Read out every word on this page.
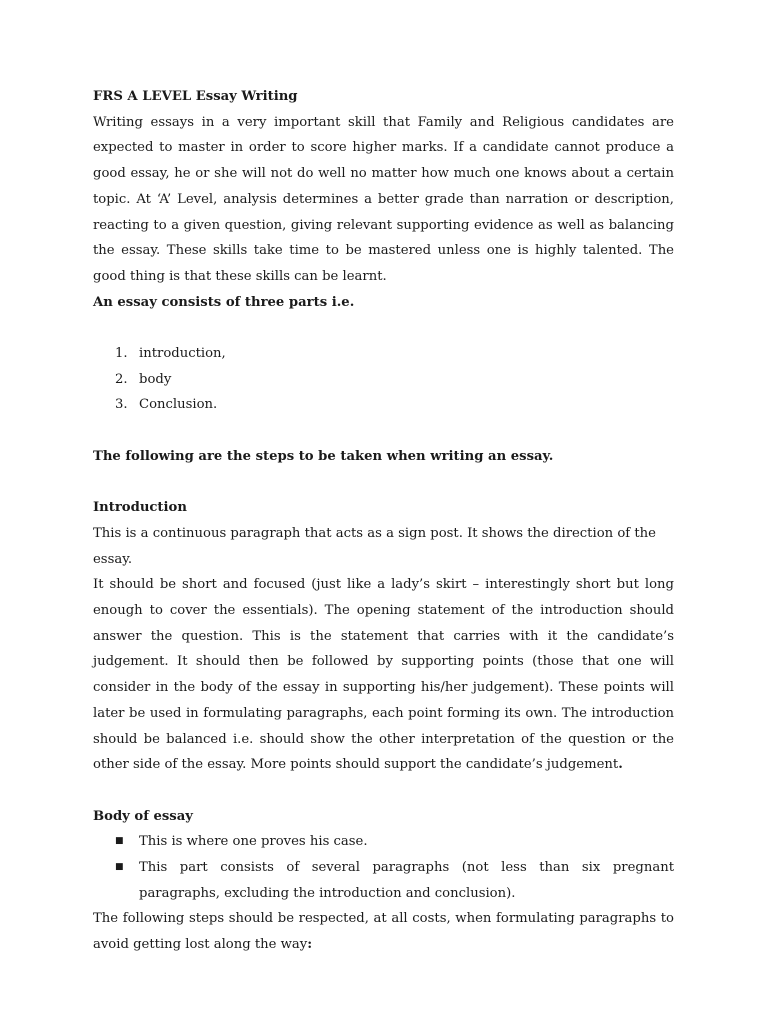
FRS A LEVEL Essay Writing

Writing essays in a very important skill that Family and Religious candidates are expected to master in order to score higher marks. If a candidate cannot produce a good essay, he or she will not do well no matter how much one knows about a certain topic. At ‘A’ Level, analysis determines a better grade than narration or description, reacting to a given question, giving relevant supporting evidence as well as balancing the essay. These skills take time to be mastered unless one is highly talented. The good thing is that these skills can be learnt.

An essay consists of three parts i.e.

1. introduction,
2. body
3. Conclusion.

The following are the steps to be taken when writing an essay.

Introduction

This is a continuous paragraph that acts as a sign post. It shows the direction of the essay.

It should be short and focused (just like a lady’s skirt – interestingly short but long enough to cover the essentials). The opening statement of the introduction should answer the question. This is the statement that carries with it the candidate’s judgement. It should then be followed by supporting points (those that one will consider in the body of the essay in supporting his/her judgement). These points will later be used in formulating paragraphs, each point forming its own. The introduction should be balanced i.e. should show the other interpretation of the question or the other side of the essay. More points should support the candidate’s judgement.

Body of essay

■ This is where one proves his case.
■ This part consists of several paragraphs (not less than six pregnant paragraphs, excluding the introduction and conclusion).

The following steps should be respected, at all costs, when formulating paragraphs to avoid getting lost along the way:
